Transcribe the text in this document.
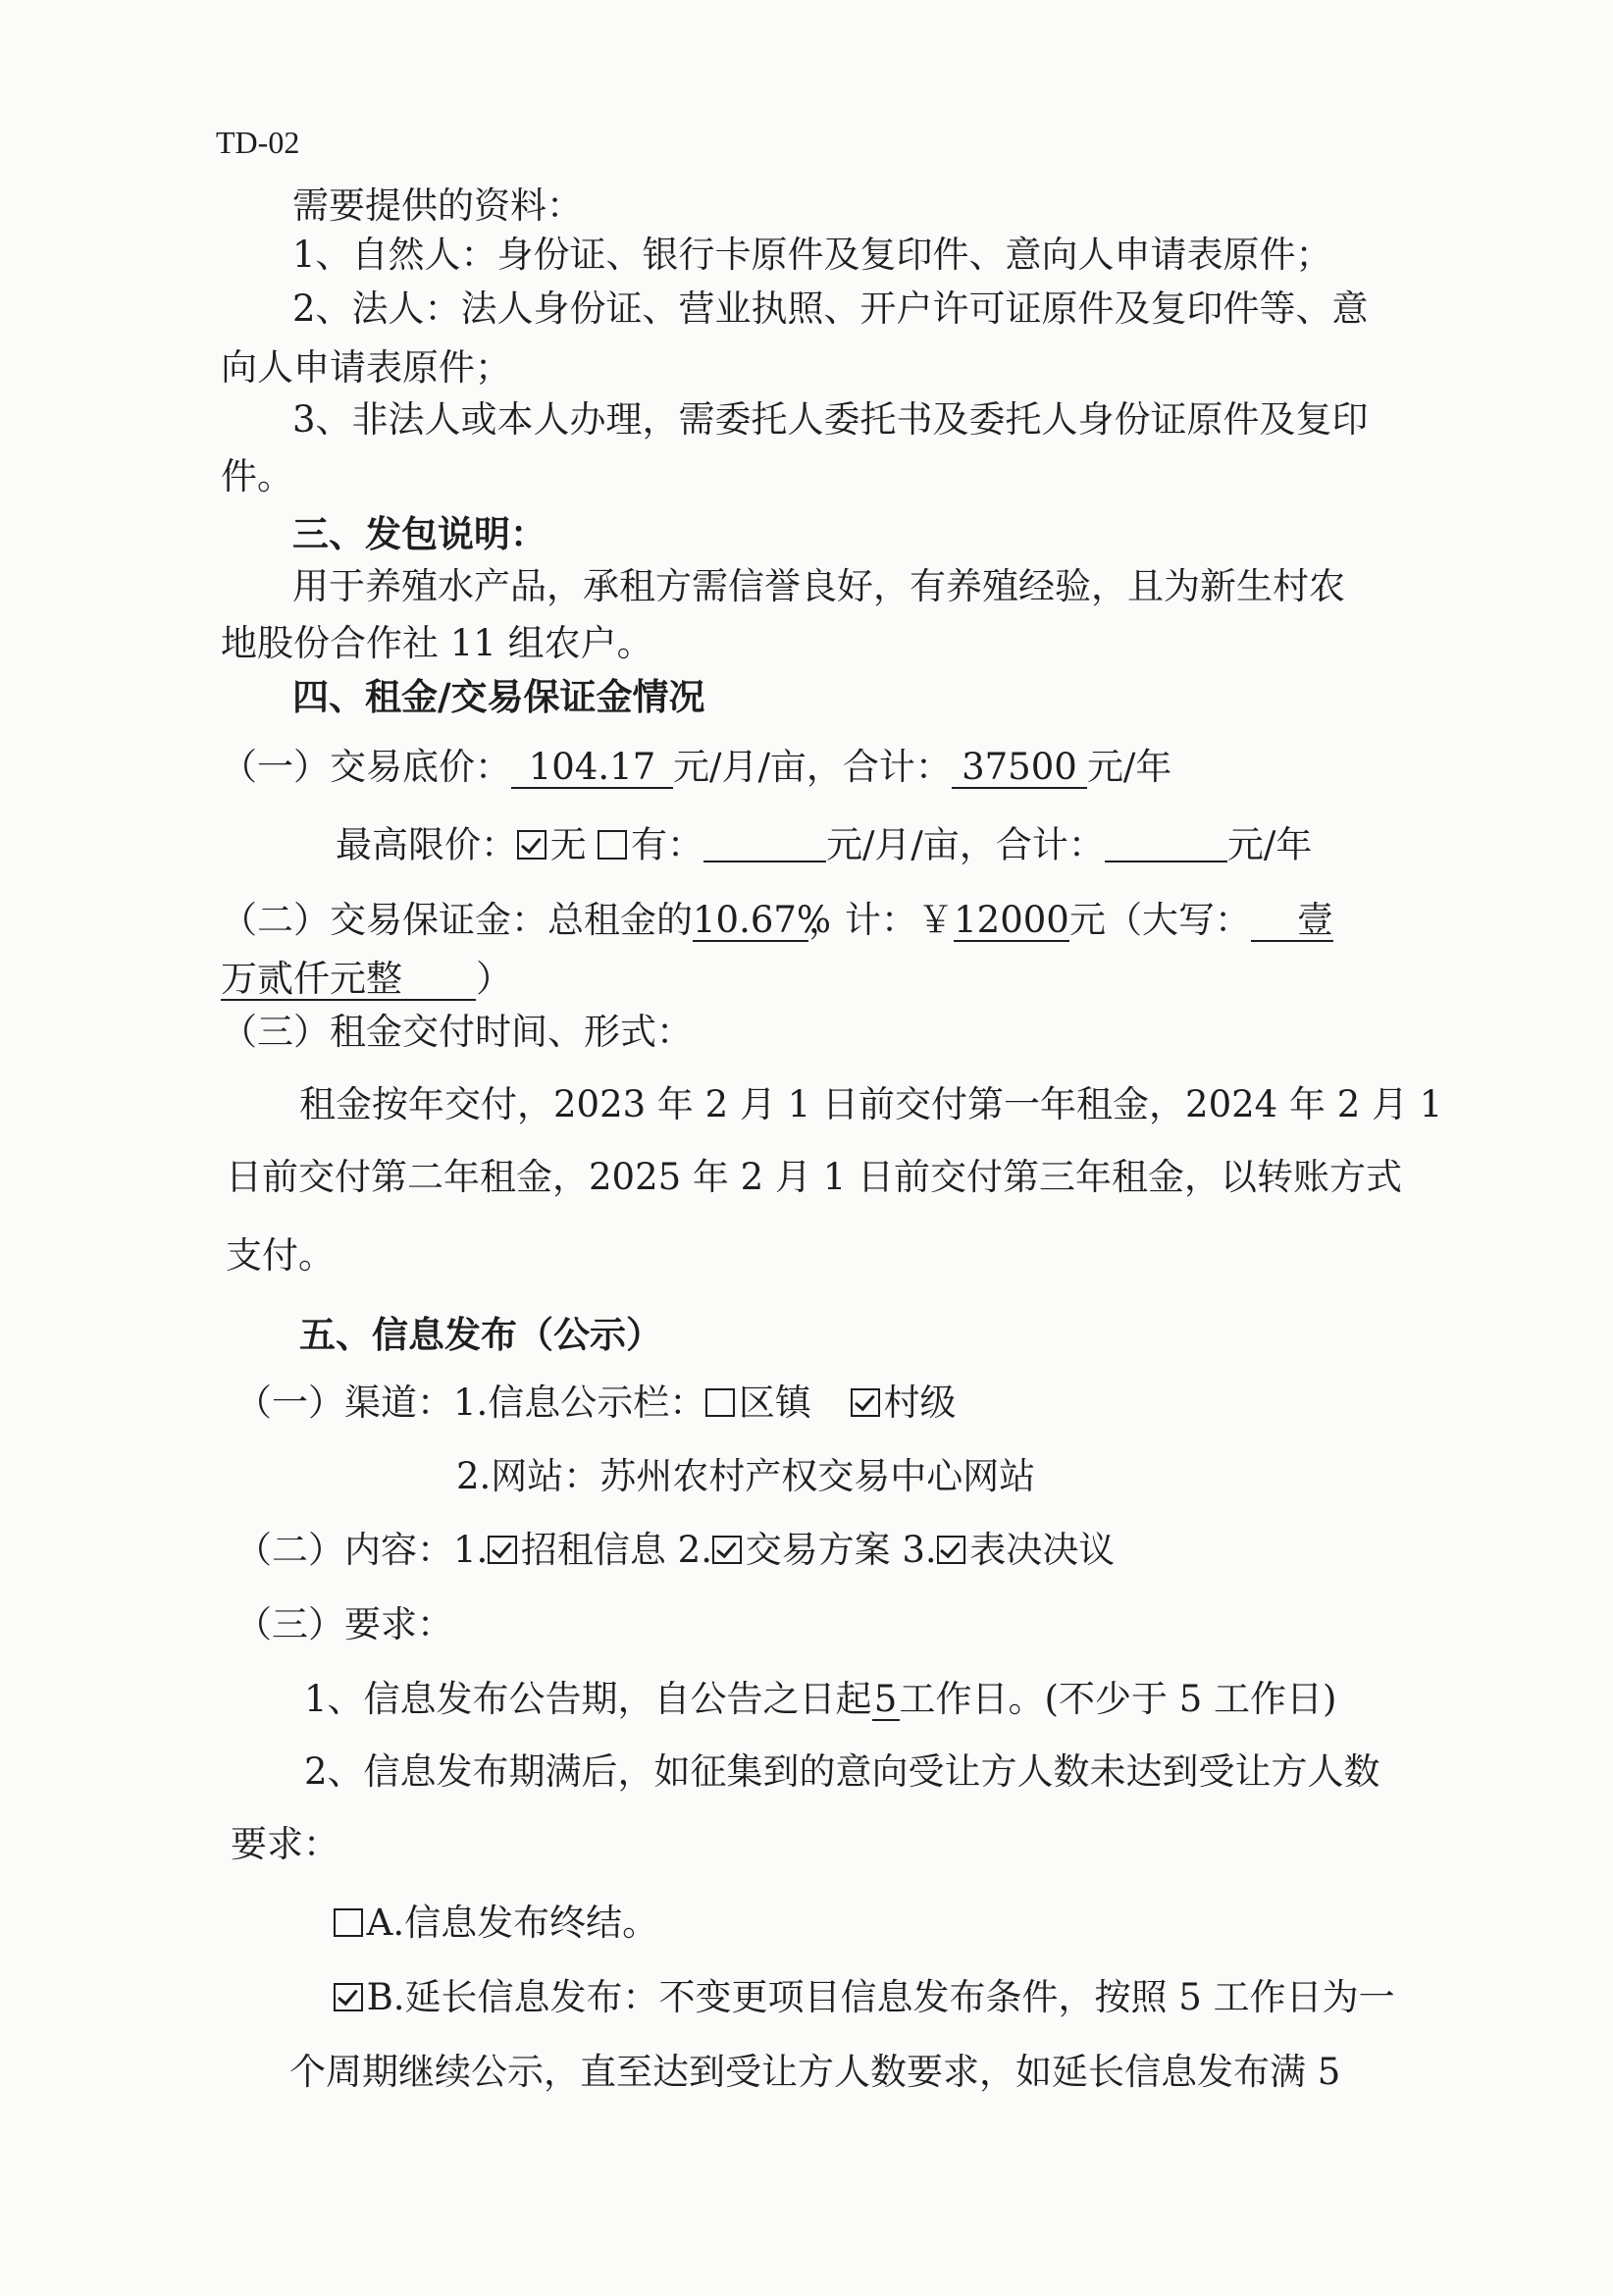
TD-02
需要提供的资料：
1、自然人：身份证、银行卡原件及复印件、意向人申请表原件；
2、法人：法人身份证、营业执照、开户许可证原件及复印件等、意
向人申请表原件；
3、非法人或本人办理，需委托人委托书及委托人身份证原件及复印
件。
三、发包说明：
用于养殖水产品，承租方需信誉良好，有养殖经验，且为新生村农
地股份合作社 11 组农户。
四、租金/交易保证金情况
（一）交易底价： 104.17 元/月/亩，合计： 37500 元/年
最高限价： 无 有：	元/月/亩，合计：	元/年
（二）交易保证金：总租金的10.67%，计：￥12000元（大写： 壹
万贰仟元整 ）
（三）租金交付时间、形式：
租金按年交付，2023 年 2 月 1 日前交付第一年租金，2024 年 2 月 1
日前交付第二年租金，2025 年 2 月 1 日前交付第三年租金，以转账方式
支付。
五、信息发布（公示）
（一）渠道：1.信息公示栏： 区镇 村级
2.网站：苏州农村产权交易中心网站
（二）内容：1. 招租信息 2. 交易方案 3. 表决决议
（三）要求：
1、信息发布公告期，自公告之日起5工作日。(不少于 5 工作日)
2、信息发布期满后，如征集到的意向受让方人数未达到受让方人数
要求：
A.信息发布终结。
B.延长信息发布：不变更项目信息发布条件，按照 5 工作日为一
个周期继续公示，直至达到受让方人数要求，如延长信息发布满 5
